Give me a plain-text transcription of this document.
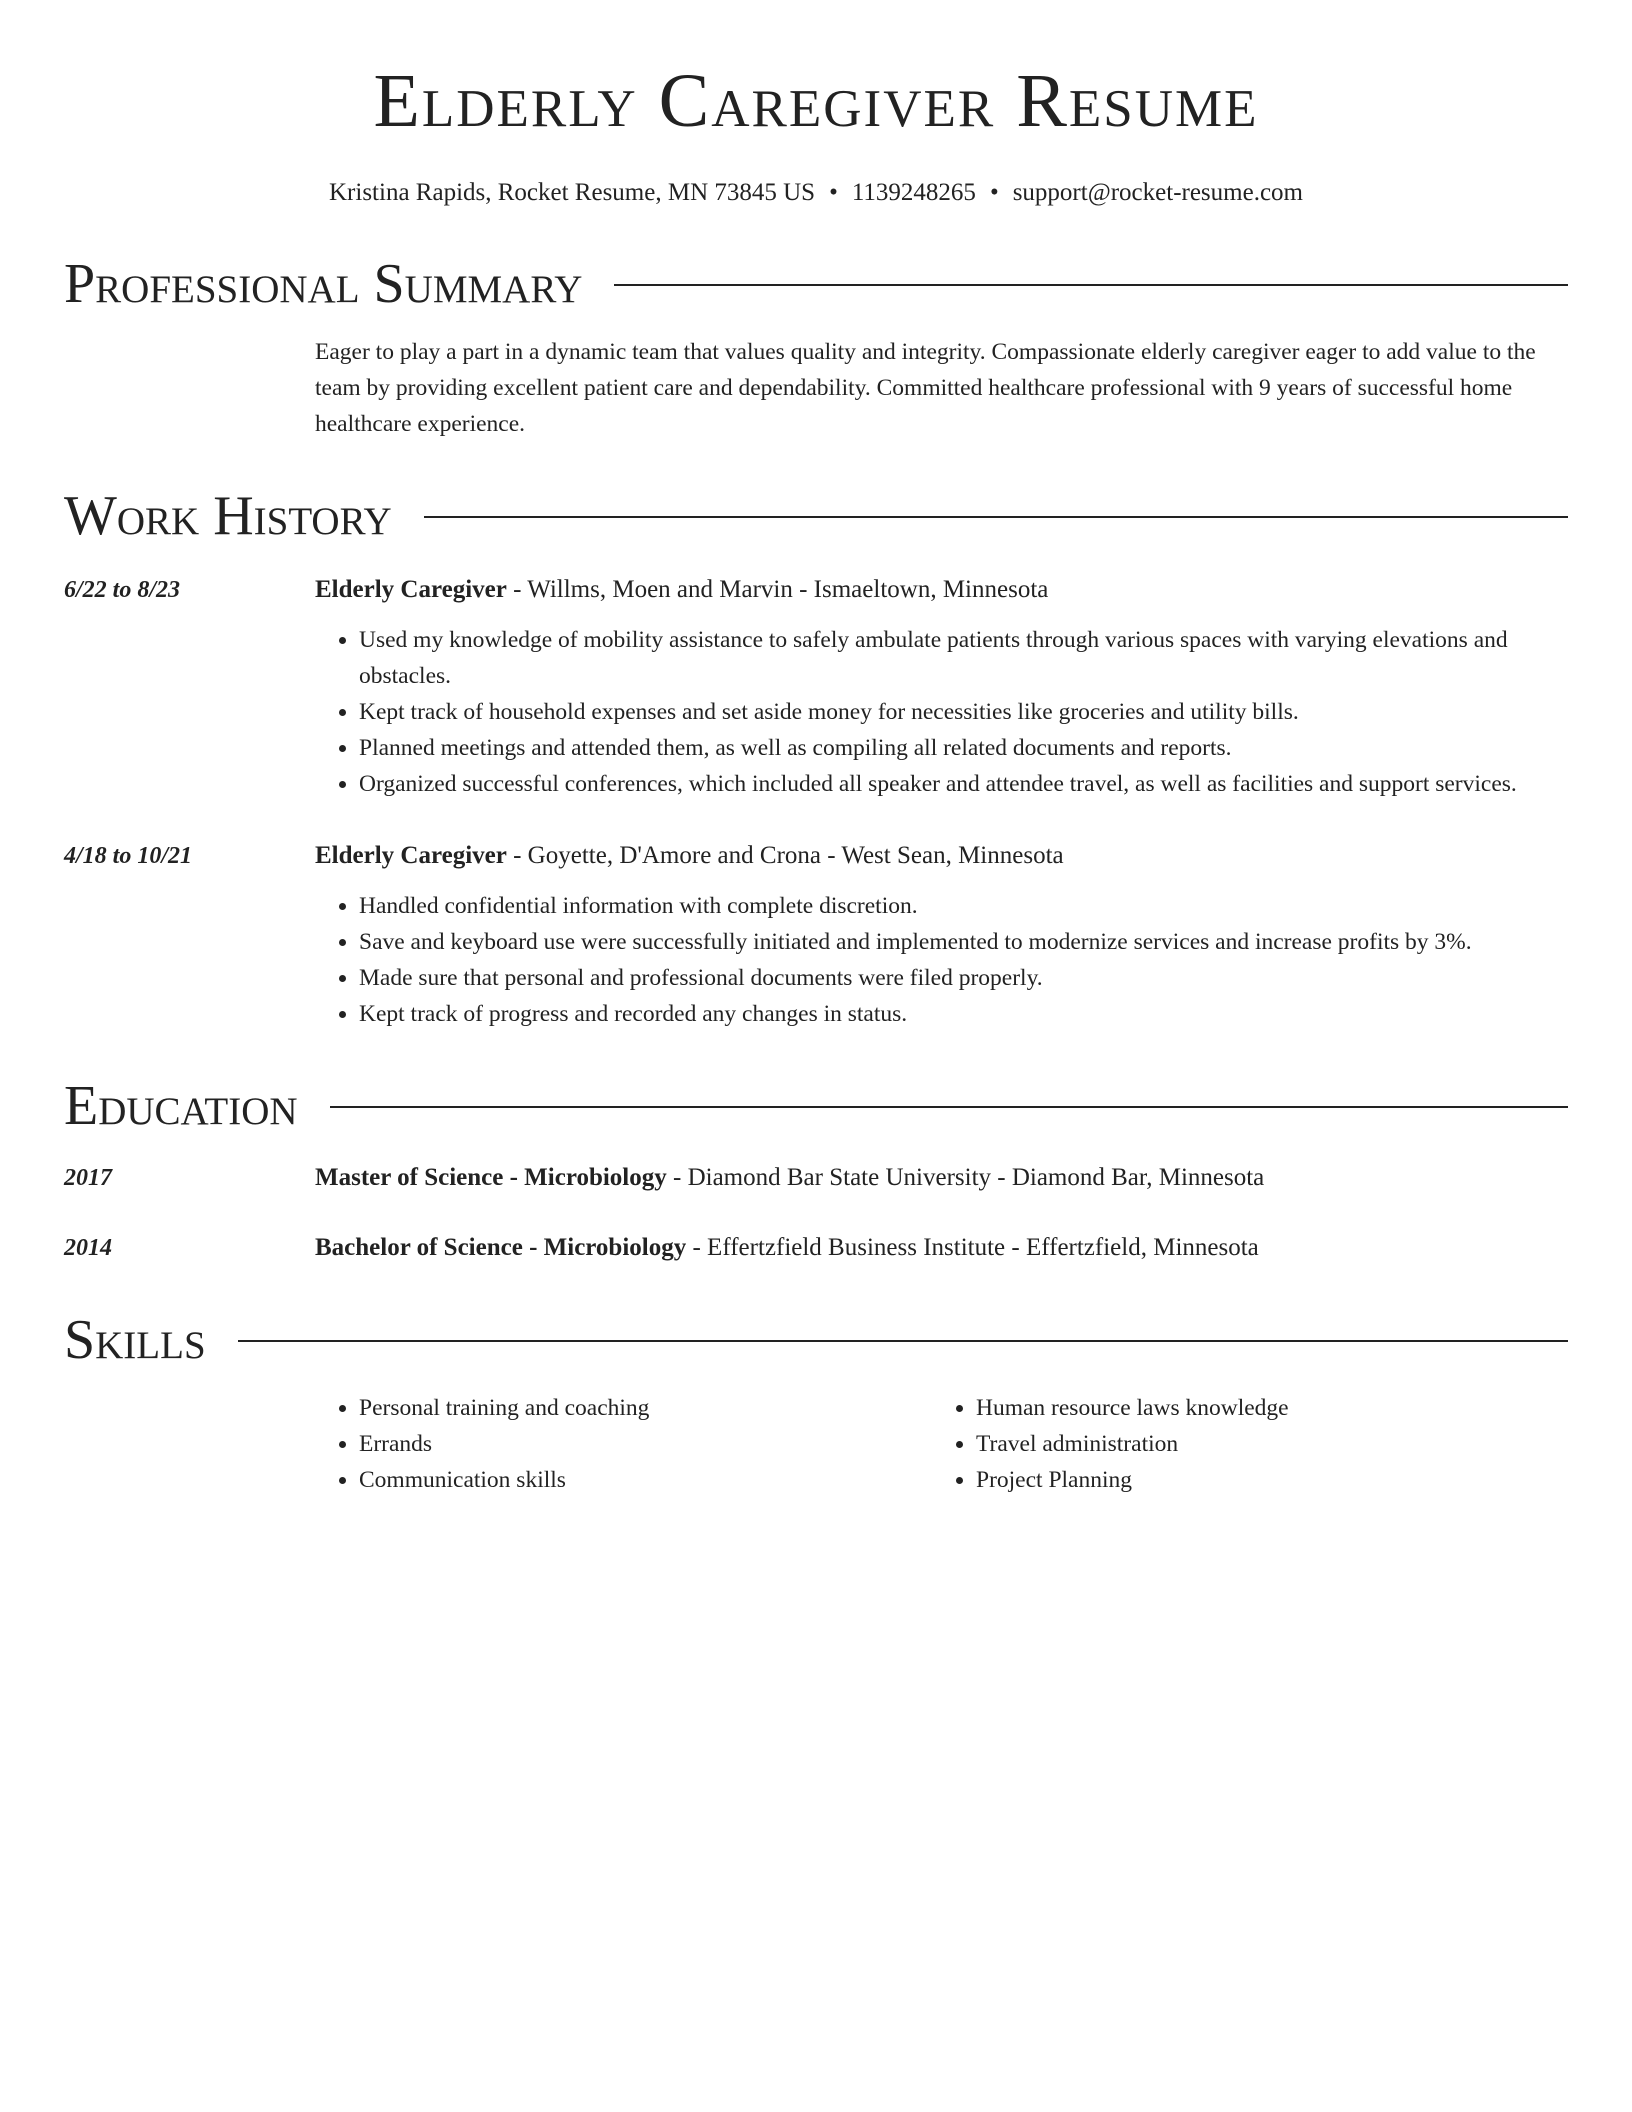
Elderly Caregiver Resume
Kristina Rapids, Rocket Resume, MN 73845 US • 1139248265 • support@rocket-resume.com
Professional Summary
Eager to play a part in a dynamic team that values quality and integrity. Compassionate elderly caregiver eager to add value to the team by providing excellent patient care and dependability. Committed healthcare professional with 9 years of successful home healthcare experience.
Work History
6/22 to 8/23	Elderly Caregiver - Willms, Moen and Marvin - Ismaeltown, Minnesota
• Used my knowledge of mobility assistance to safely ambulate patients through various spaces with varying elevations and obstacles.
• Kept track of household expenses and set aside money for necessities like groceries and utility bills.
• Planned meetings and attended them, as well as compiling all related documents and reports.
• Organized successful conferences, which included all speaker and attendee travel, as well as facilities and support services.
4/18 to 10/21	Elderly Caregiver - Goyette, D'Amore and Crona - West Sean, Minnesota
• Handled confidential information with complete discretion.
• Save and keyboard use were successfully initiated and implemented to modernize services and increase profits by 3%.
• Made sure that personal and professional documents were filed properly.
• Kept track of progress and recorded any changes in status.
Education
2017	Master of Science - Microbiology - Diamond Bar State University - Diamond Bar, Minnesota
2014	Bachelor of Science - Microbiology - Effertzfield Business Institute - Effertzfield, Minnesota
Skills
• Personal training and coaching
• Errands
• Communication skills
• Human resource laws knowledge
• Travel administration
• Project Planning
